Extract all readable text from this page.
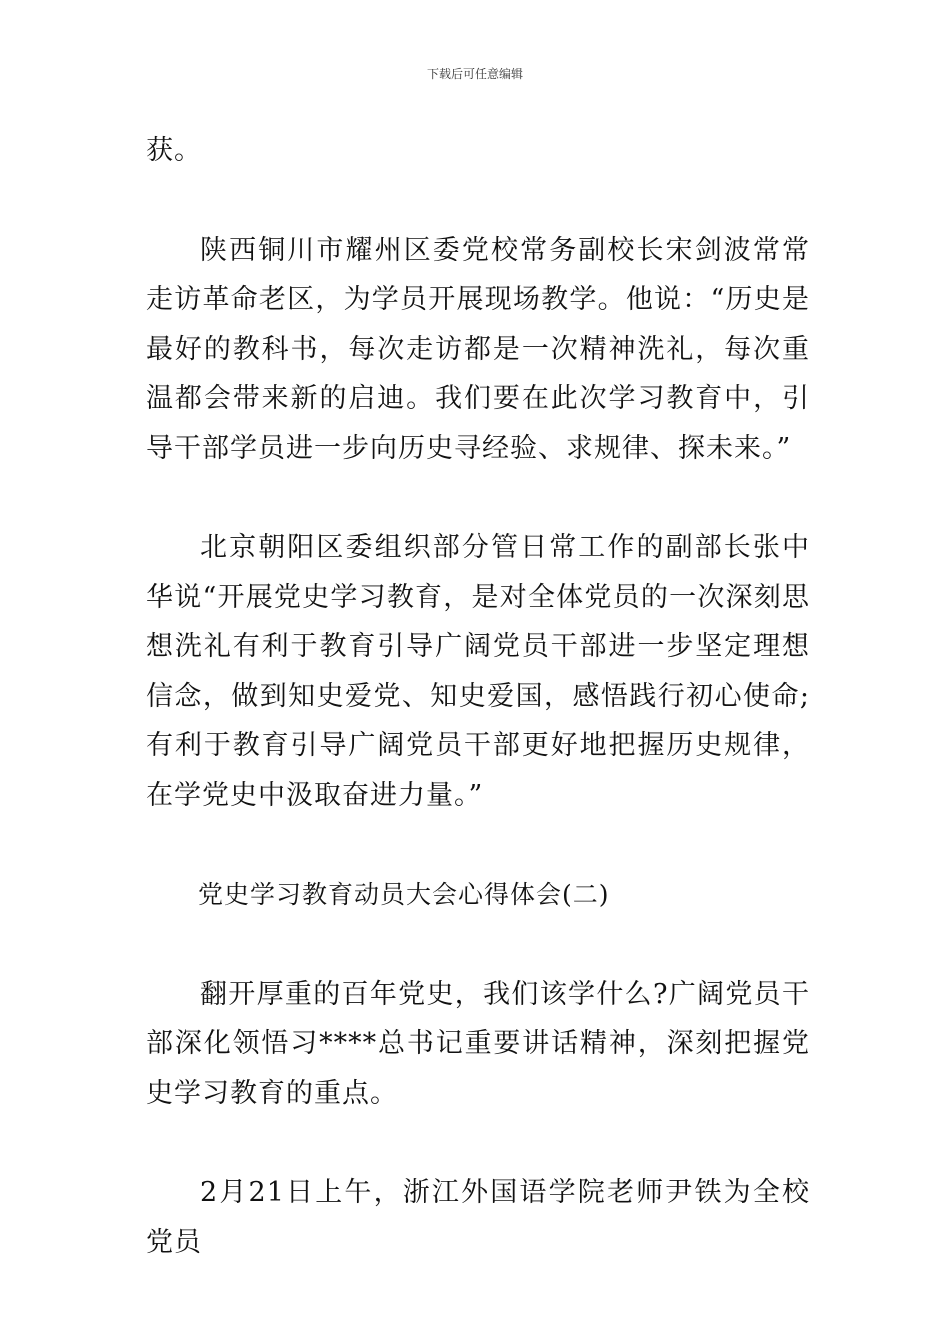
下载后可任意编辑

获。

陕西铜川市耀州区委党校常务副校长宋剑波常常走访革命老区，为学员开展现场教学。他说：“历史是最好的教科书，每次走访都是一次精神洗礼，每次重温都会带来新的启迪。我们要在此次学习教育中，引导干部学员进一步向历史寻经验、求规律、探未来。”

北京朝阳区委组织部分管日常工作的副部长张中华说“开展党史学习教育，是对全体党员的一次深刻思想洗礼有利于教育引导广阔党员干部进一步坚定理想信念，做到知史爱党、知史爱国，感悟践行初心使命;有利于教育引导广阔党员干部更好地把握历史规律，在学党史中汲取奋进力量。”

党史学习教育动员大会心得体会(二)

翻开厚重的百年党史，我们该学什么?广阔党员干部深化领悟习****总书记重要讲话精神，深刻把握党史学习教育的重点。

2月21日上午，浙江外国语学院老师尹铁为全校党员
